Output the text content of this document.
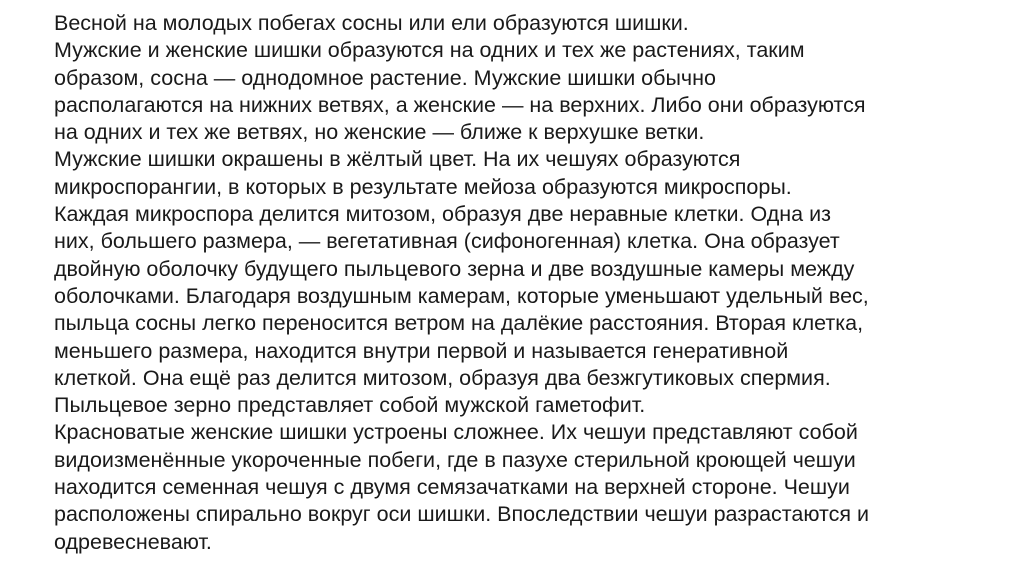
Весной на молодых побегах сосны или ели образуются шишки.
Мужские и женские шишки образуются на одних и тех же растениях, таким
образом, сосна — однодомное растение. Мужские шишки обычно
располагаются на нижних ветвях, а женские — на верхних. Либо они образуются
на одних и тех же ветвях, но женские — ближе к верхушке ветки.
Мужские шишки окрашены в жёлтый цвет. На их чешуях образуются
микроспорангии, в которых в результате мейоза образуются микроспоры.
Каждая микроспора делится митозом, образуя две неравные клетки. Одна из
них, большего размера, — вегетативная (сифоногенная) клетка. Она образует
двойную оболочку будущего пыльцевого зерна и две воздушные камеры между
оболочками. Благодаря воздушным камерам, которые уменьшают удельный вес,
пыльца сосны легко переносится ветром на далёкие расстояния. Вторая клетка,
меньшего размера, находится внутри первой и называется генеративной
клеткой. Она ещё раз делится митозом, образуя два безжгутиковых спермия.
Пыльцевое зерно представляет собой мужской гаметофит.
Красноватые женские шишки устроены сложнее. Их чешуи представляют собой
видоизменённые укороченные побеги, где в пазухе стерильной кроющей чешуи
находится семенная чешуя с двумя семязачатками на верхней стороне. Чешуи
расположены спирально вокруг оси шишки. Впоследствии чешуи разрастаются и
одревесневают.
